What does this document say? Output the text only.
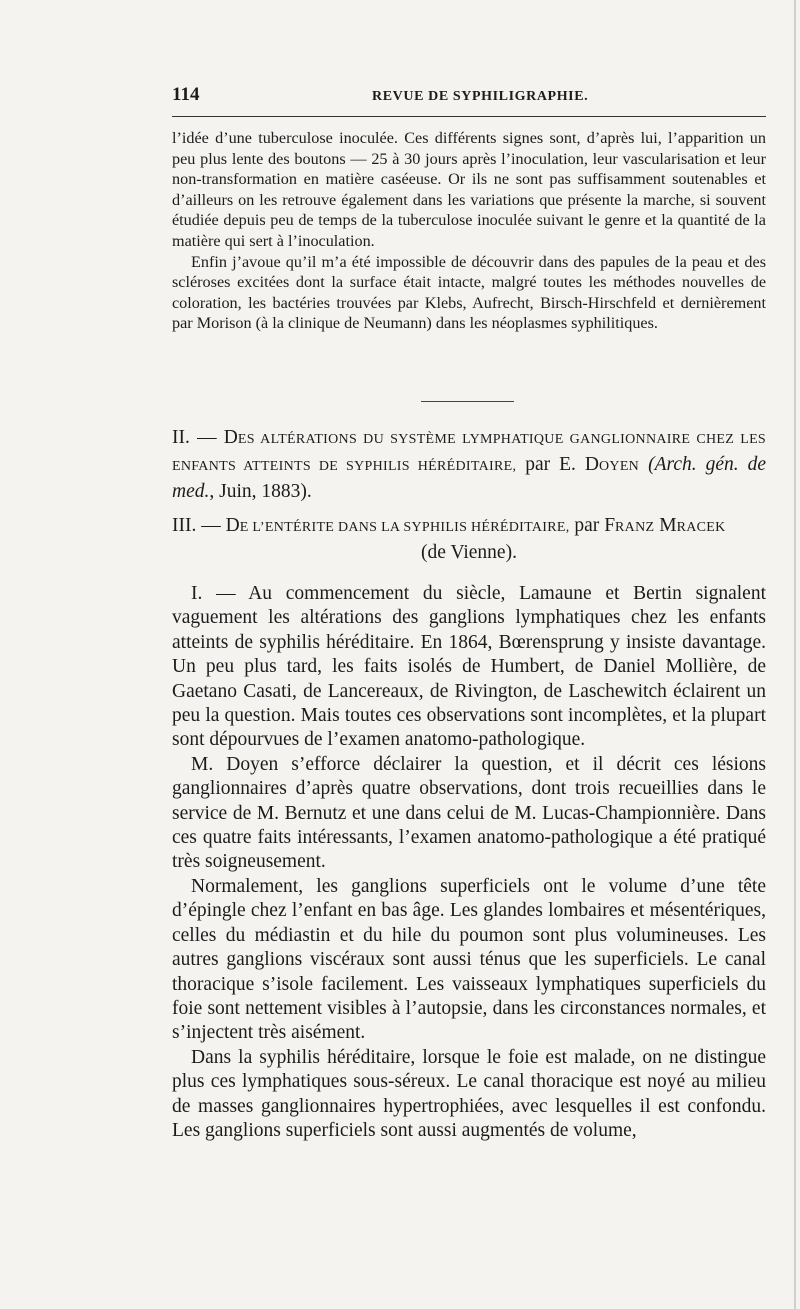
114	REVUE DE SYPHILIGRAPHIE.

l’idée d’une tuberculose inoculée. Ces différents signes sont, d’après lui, l’apparition un peu plus lente des boutons — 25 à 30 jours après l’inoculation, leur vascularisation et leur non-transformation en matière caséeuse. Or ils ne sont pas suffisamment soutenables et d’ailleurs on les retrouve également dans les variations que présente la marche, si souvent étudiée depuis peu de temps de la tuberculose inoculée suivant le genre et la quantité de la matière qui sert à l’inoculation.

Enfin j’avoue qu’il m’a été impossible de découvrir dans des papules de la peau et des scléroses excitées dont la surface était intacte, malgré toutes les méthodes nouvelles de coloration, les bactéries trouvées par Klebs, Aufrecht, Birsch-Hirschfeld et dernièrement par Morison (à la clinique de Neumann) dans les néoplasmes syphilitiques.

II. — DES ALTÉRATIONS DU SYSTÈME LYMPHATIQUE GANGLIONNAIRE CHEZ LES ENFANTS ATTEINTS DE SYPHILIS HÉRÉDITAIRE, par E. DOYEN (Arch. gén. de med., Juin, 1883).

III. — DE L’ENTÉRITE DANS LA SYPHILIS HÉRÉDITAIRE, par FRANZ MRACEK

(de Vienne).

I. — Au commencement du siècle, Lamaune et Bertin signalent vaguement les altérations des ganglions lymphatiques chez les enfants atteints de syphilis héréditaire. En 1864, Bœrensprung y insiste davantage. Un peu plus tard, les faits isolés de Humbert, de Daniel Mollière, de Gaetano Casati, de Lancereaux, de Rivington, de Laschewitch éclairent un peu la question. Mais toutes ces observations sont incomplètes, et la plupart sont dépourvues de l’examen anatomo-pathologique.

M. Doyen s’efforce déclairer la question, et il décrit ces lésions ganglionnaires d’après quatre observations, dont trois recueillies dans le service de M. Bernutz et une dans celui de M. Lucas-Championnière. Dans ces quatre faits intéressants, l’examen anatomo-pathologique a été pratiqué très soigneusement.

Normalement, les ganglions superficiels ont le volume d’une tête d’épingle chez l’enfant en bas âge. Les glandes lombaires et mésentériques, celles du médiastin et du hile du poumon sont plus volumineuses. Les autres ganglions viscéraux sont aussi ténus que les superficiels. Le canal thoracique s’isole facilement. Les vaisseaux lymphatiques superficiels du foie sont nettement visibles à l’autopsie, dans les circonstances normales, et s’injectent très aisément.

Dans la syphilis héréditaire, lorsque le foie est malade, on ne distingue plus ces lymphatiques sous-séreux. Le canal thoracique est noyé au milieu de masses ganglionnaires hypertrophiées, avec lesquelles il est confondu. Les ganglions superficiels sont aussi augmentés de volume,
